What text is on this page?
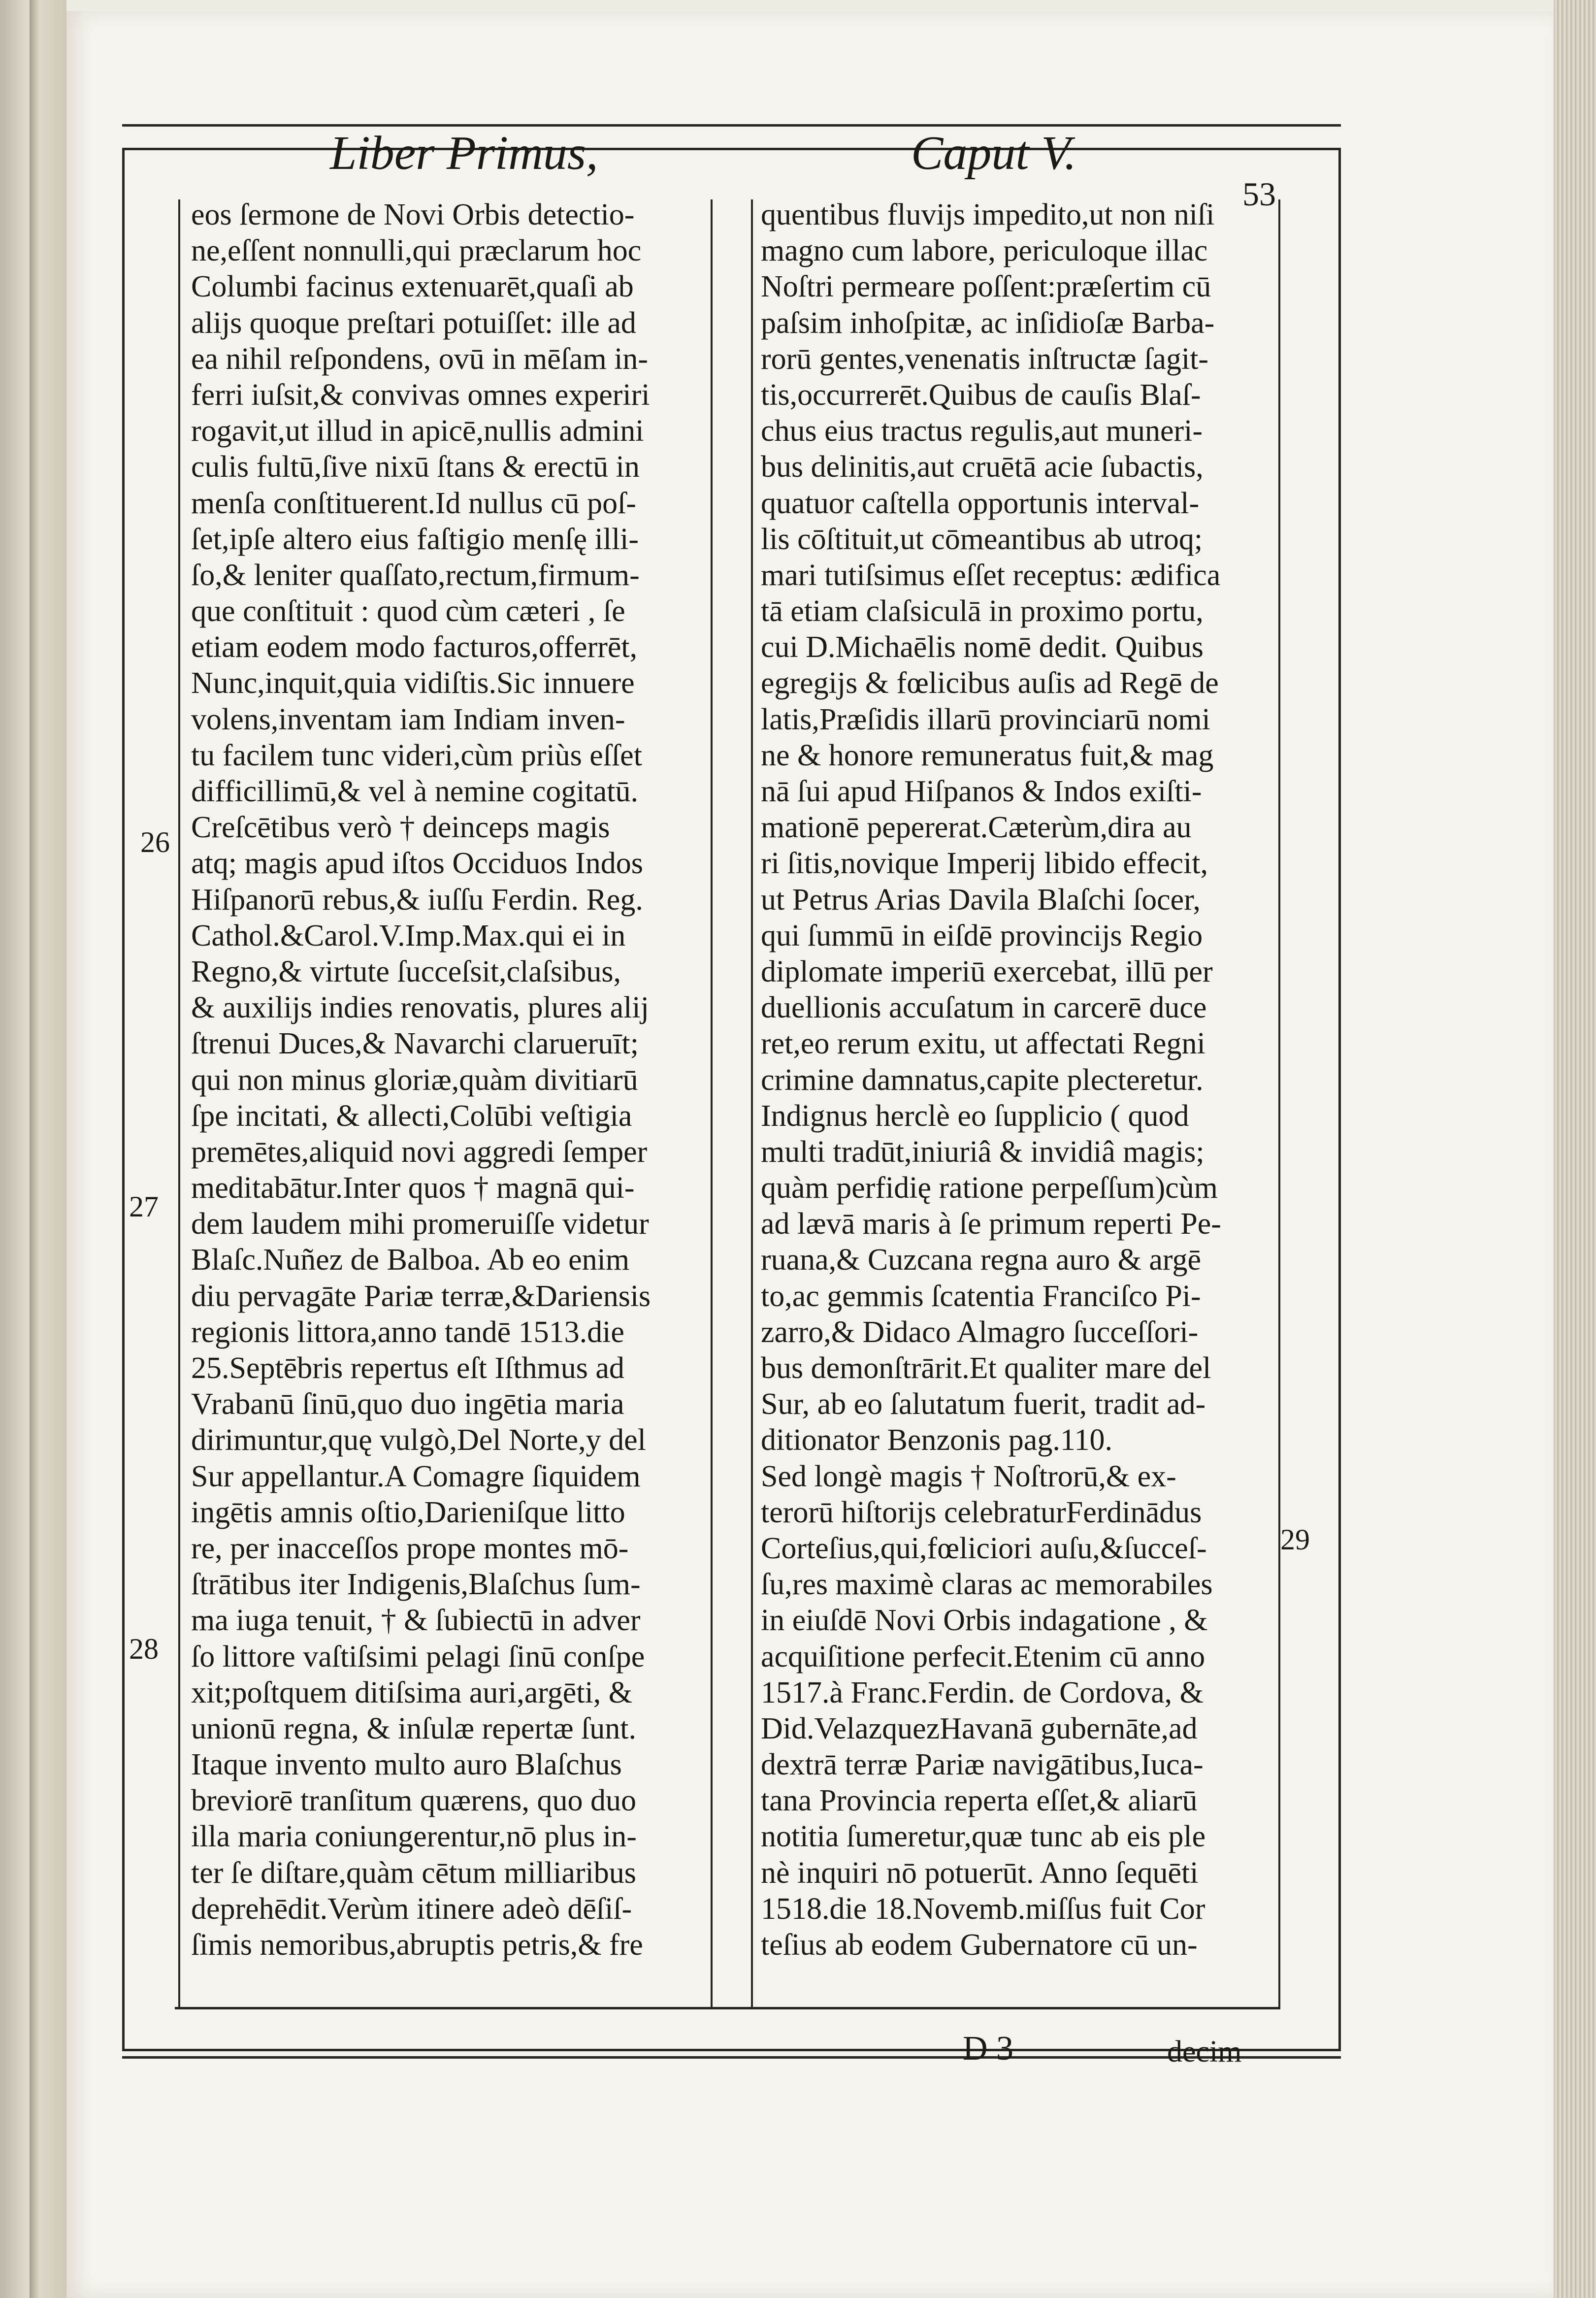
Liber Primus,	Caput V.
53
eos ſermone de Novi Orbis detectio-
ne,eſſent nonnulli,qui præclarum hoc
Columbi facinus extenuarēt,quaſi ab
alijs quoque preſtari potuiſſet: ille ad
ea nihil reſpondens, ovū in mēſam in-
ferri iuſsit,& convivas omnes experiri
rogavit,ut illud in apicē,nullis admini
culis fultū,ſive nixū ſtans & erectū in
menſa conſtituerent.Id nullus cū poſ-
ſet,ipſe altero eius faſtigio menſę illi-
ſo,& leniter quaſſato,rectum,firmum-
que conſtituit : quod cùm cæteri , ſe
etiam eodem modo facturos,offerrēt,
Nunc,inquit,quia vidiſtis.Sic innuere
volens,inventam iam Indiam inven-
tu facilem tunc videri,cùm priùs eſſet
difficillimū,& vel à nemine cogitatū.
Creſcētibus verò † deinceps magis
atq; magis apud iſtos Occiduos Indos
Hiſpanorū rebus,& iuſſu Ferdin. Reg.
Cathol.&Carol.V.Imp.Max.qui ei in
Regno,& virtute ſucceſsit,claſsibus,
& auxilijs indies renovatis, plures alij
ſtrenui Duces,& Navarchi clarueruīt;
qui non minus gloriæ,quàm divitiarū
ſpe incitati, & allecti,Colūbi veſtigia
premētes,aliquid novi aggredi ſemper
meditabātur.Inter quos † magnā qui-
dem laudem mihi promeruiſſe videtur
Blaſc.Nuñez de Balboa. Ab eo enim
diu pervagāte Pariæ terræ,&Dariensis
regionis littora,anno tandē 1513.die
25.Septēbris repertus eſt Iſthmus ad
Vrabanū ſinū,quo duo ingētia maria
dirimuntur,quę vulgò,Del Norte,y del
Sur appellantur.A Comagre ſiquidem
ingētis amnis oſtio,Darieniſque litto
re, per inacceſſos prope montes mō-
ſtrātibus iter Indigenis,Blaſchus ſum-
ma iuga tenuit, † & ſubiectū in adver
ſo littore vaſtiſsimi pelagi ſinū conſpe
xit;poſtquem ditiſsima auri,argēti, &
unionū regna, & inſulæ repertæ ſunt.
Itaque invento multo auro Blaſchus
breviorē tranſitum quærens, quo duo
illa maria coniungerentur,nō plus in-
ter ſe diſtare,quàm cētum milliaribus
deprehēdit.Verùm itinere adeò dēſiſ-
ſimis nemoribus,abruptis petris,& fre
quentibus fluvijs impedito,ut non niſi
magno cum labore, periculoque illac
Noſtri permeare poſſent:præſertim cū
paſsim inhoſpitæ, ac inſidioſæ Barba-
rorū gentes,venenatis inſtructæ ſagit-
tis,occurrerēt.Quibus de cauſis Blaſ-
chus eius tractus regulis,aut muneri-
bus delinitis,aut cruētā acie ſubactis,
quatuor caſtella opportunis interval-
lis cōſtituit,ut cōmeantibus ab utroq;
mari tutiſsimus eſſet receptus: ædifica
tā etiam claſsiculā in proximo portu,
cui D.Michaēlis nomē dedit. Quibus
egregijs & fœlicibus auſis ad Regē de
latis,Præſidis illarū provinciarū nomi
ne & honore remuneratus fuit,& mag
nā ſui apud Hiſpanos & Indos exiſti-
mationē pepererat.Cæterùm,dira au
ri ſitis,novique Imperij libido effecit,
ut Petrus Arias Davila Blaſchi ſocer,
qui ſummū in eiſdē provincijs Regio
diplomate imperiū exercebat, illū per
duellionis accuſatum in carcerē duce
ret,eo rerum exitu, ut affectati Regni
crimine damnatus,capite plecteretur.
Indignus herclè eo ſupplicio ( quod
multi tradūt,iniuriâ & invidiâ magis;
quàm perfidię ratione perpeſſum)cùm
ad lævā maris à ſe primum reperti Pe-
ruana,& Cuzcana regna auro & argē
to,ac gemmis ſcatentia Franciſco Pi-
zarro,& Didaco Almagro ſucceſſori-
bus demonſtrārit.Et qualiter mare del
Sur, ab eo ſalutatum fuerit, tradit ad-
ditionator Benzonis pag.110.
Sed longè magis † Noſtrorū,& ex-
terorū hiſtorijs celebraturFerdinādus
Corteſius,qui,fœliciori auſu,&ſucceſ-
ſu,res maximè claras ac memorabiles
in eiuſdē Novi Orbis indagatione , &
acquiſitione perfecit.Etenim cū anno
1517.à Franc.Ferdin. de Cordova, &
Did.VelazquezHavanā gubernāte,ad
dextrā terræ Pariæ navigātibus,Iuca-
tana Provincia reperta eſſet,& aliarū
notitia ſumeretur,quæ tunc ab eis ple
nè inquiri nō potuerūt. Anno ſequēti
1518.die 18.Novemb.miſſus fuit Cor
teſius ab eodem Gubernatore cū un-
26
27
28
29
D 3	decim
